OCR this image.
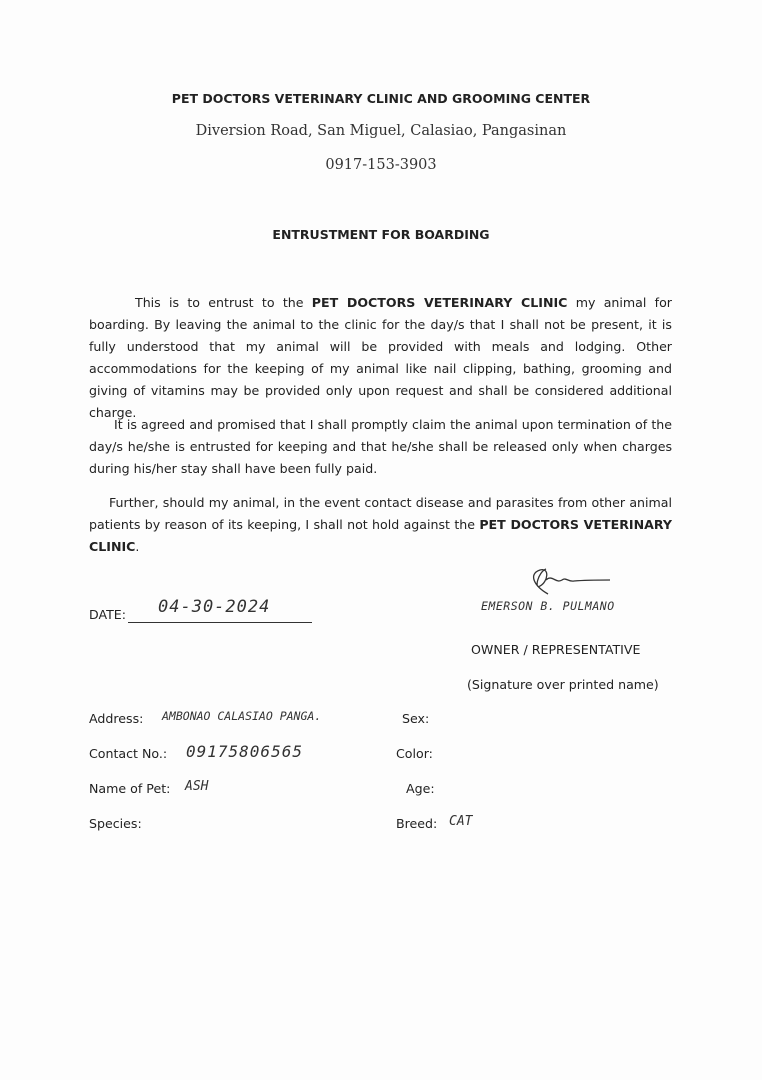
PET DOCTORS VETERINARY CLINIC AND GROOMING CENTER
Diversion Road, San Miguel, Calasiao, Pangasinan
0917-153-3903
ENTRUSTMENT FOR BOARDING

This is to entrust to the PET DOCTORS VETERINARY CLINIC my animal for boarding. By leaving the animal to the clinic for the day/s that I shall not be present, it is fully understood that my animal will be provided with meals and lodging. Other accommodations for the keeping of my animal like nail clipping, bathing, grooming and giving of vitamins may be provided only upon request and shall be considered additional charge.

It is agreed and promised that I shall promptly claim the animal upon termination of the day/s he/she is entrusted for keeping and that he/she shall be released only when charges during his/her stay shall have been fully paid.

Further, should my animal, in the event contact disease and parasites from other animal patients by reason of its keeping, I shall not hold against the PET DOCTORS VETERINARY CLINIC.

DATE: 04-30-2024	EMERSON B. PULMANO
OWNER / REPRESENTATIVE
(Signature over printed name)
Address: AMBONAO CALASIAO PANGA.
Contact No.: 09175806565
Name of Pet: ASH
Species:
Sex:
Color:
Age:
Breed: CAT
